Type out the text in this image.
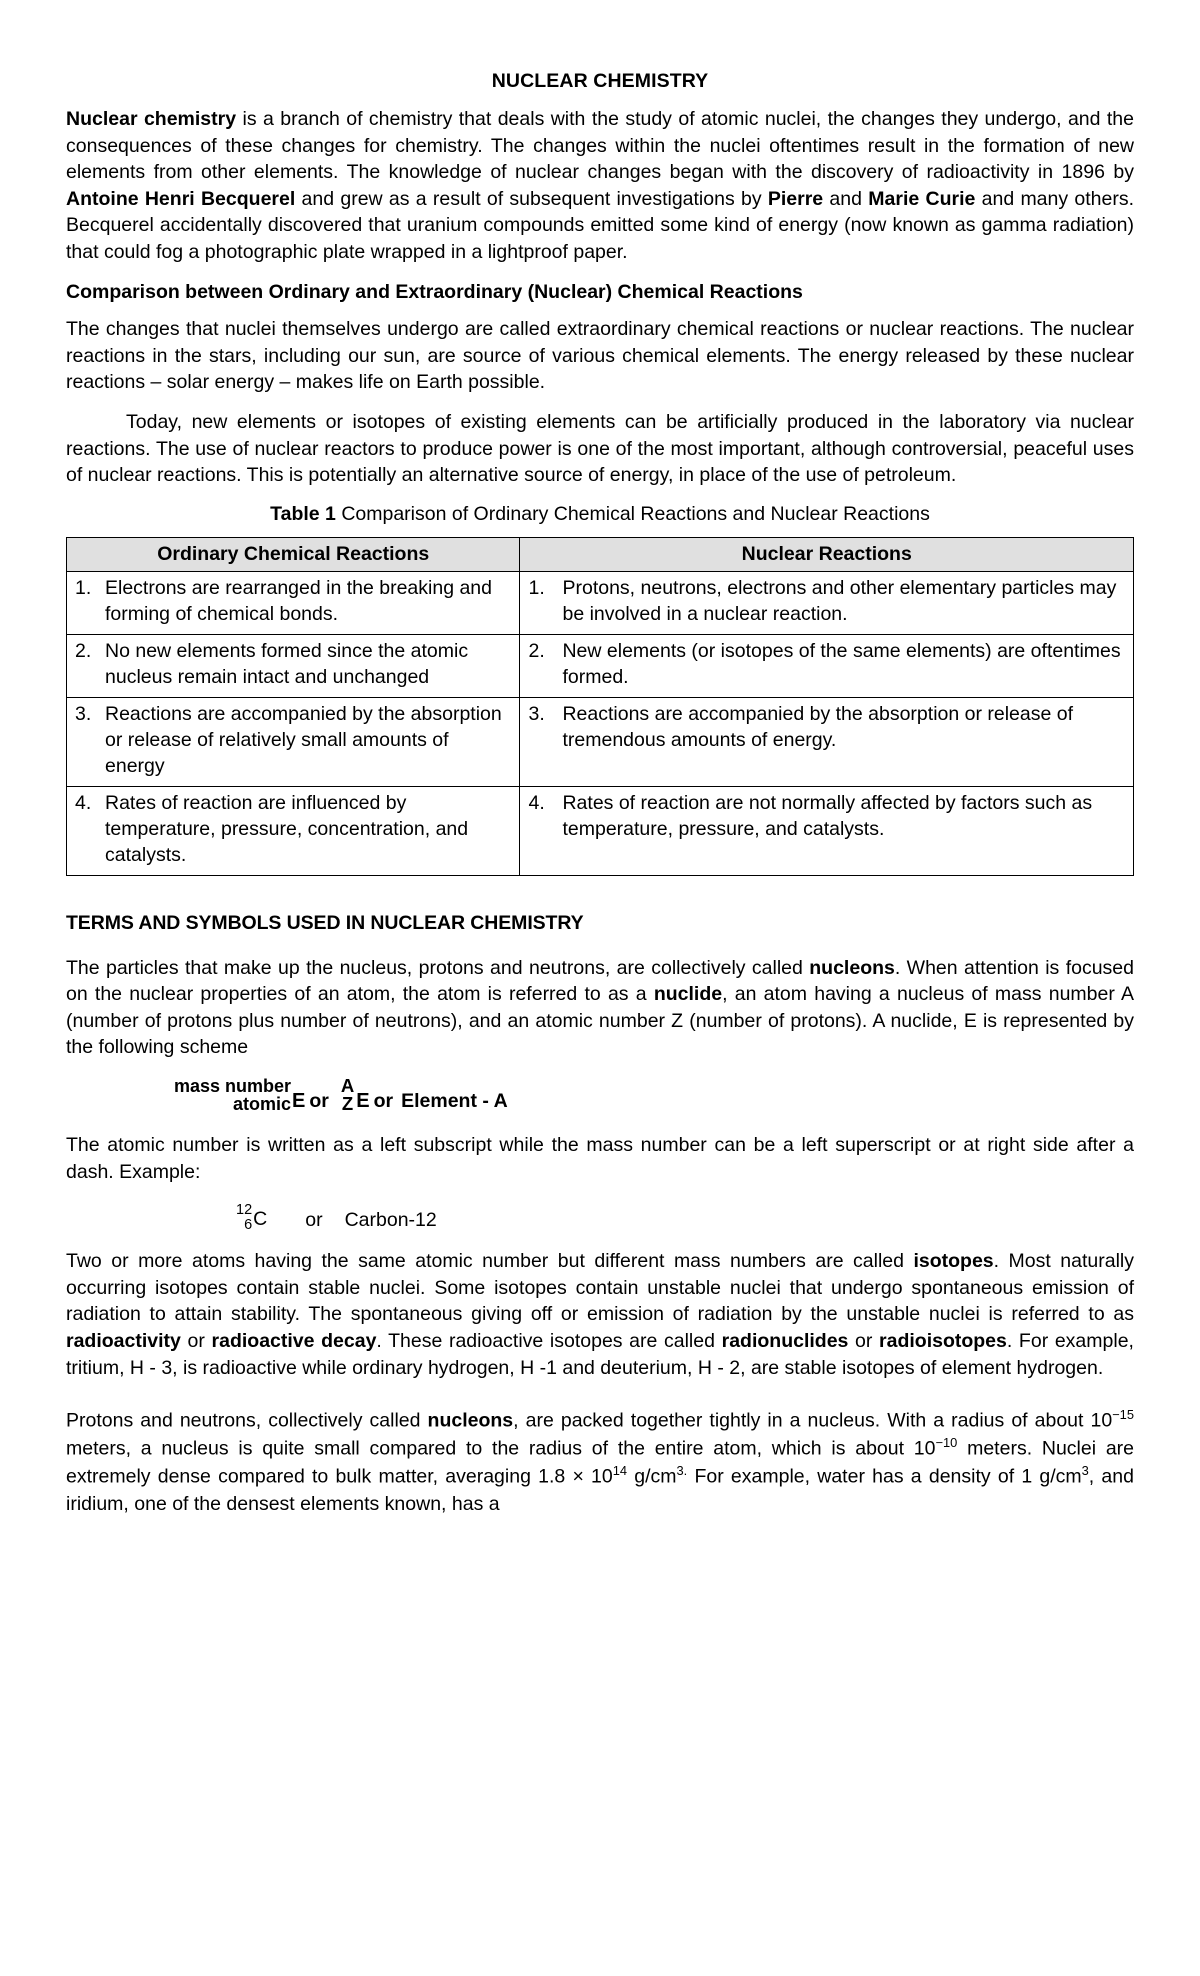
NUCLEAR CHEMISTRY

Nuclear chemistry is a branch of chemistry that deals with the study of atomic nuclei, the changes they undergo, and the consequences of these changes for chemistry. The changes within the nuclei oftentimes result in the formation of new elements from other elements. The knowledge of nuclear changes began with the discovery of radioactivity in 1896 by Antoine Henri Becquerel and grew as a result of subsequent investigations by Pierre and Marie Curie and many others. Becquerel accidentally discovered that uranium compounds emitted some kind of energy (now known as gamma radiation) that could fog a photographic plate wrapped in a lightproof paper.

Comparison between Ordinary and Extraordinary (Nuclear) Chemical Reactions

The changes that nuclei themselves undergo are called extraordinary chemical reactions or nuclear reactions. The nuclear reactions in the stars, including our sun, are source of various chemical elements. The energy released by these nuclear reactions – solar energy – makes life on Earth possible.

Today, new elements or isotopes of existing elements can be artificially produced in the laboratory via nuclear reactions. The use of nuclear reactors to produce power is one of the most important, although controversial, peaceful uses of nuclear reactions. This is potentially an alternative source of energy, in place of the use of petroleum.

Table 1 Comparison of Ordinary Chemical Reactions and Nuclear Reactions
Ordinary Chemical Reactions	Nuclear Reactions

1. Electrons are rearranged in the breaking and forming of chemical bonds.	1. Protons, neutrons, electrons and other elementary particles may be involved in a nuclear reaction.

2. No new elements formed since the atomic nucleus remain intact and unchanged	2. New elements (or isotopes of the same elements) are oftentimes formed.

3. Reactions are accompanied by the absorption or release of relatively small amounts of energy	3. Reactions are accompanied by the absorption or release of tremendous amounts of energy.

4. Rates of reaction are influenced by temperature, pressure, concentration, and catalysts.	4. Rates of reaction are not normally affected by factors such as temperature, pressure, and catalysts.
TERMS AND SYMBOLS USED IN NUCLEAR CHEMISTRY

The particles that make up the nucleus, protons and neutrons, are collectively called nucleons. When attention is focused on the nuclear properties of an atom, the atom is referred to as a nuclide, an atom having a nucleus of mass number A (number of protons plus number of neutrons), and an atomic number Z (number of protons). A nuclide, E is represented by the following scheme

mass number
atomic E or
A
Z E or Element - A

The atomic number is written as a left subscript while the mass number can be a left superscript or at right side after a dash. Example:

12
6 C or Carbon-12

Two or more atoms having the same atomic number but different mass numbers are called isotopes. Most naturally occurring isotopes contain stable nuclei. Some isotopes contain unstable nuclei that undergo spontaneous emission of radiation to attain stability. The spontaneous giving off or emission of radiation by the unstable nuclei is referred to as radioactivity or radioactive decay. These radioactive isotopes are called radionuclides or radioisotopes. For example, tritium, H - 3, is radioactive while ordinary hydrogen, H -1 and deuterium, H - 2, are stable isotopes of element hydrogen.

Protons and neutrons, collectively called nucleons, are packed together tightly in a nucleus. With a radius of about $10^{-15}$ meters, a nucleus is quite small compared to the radius of the entire atom, which is about $10^{-10}$ meters. Nuclei are extremely dense compared to bulk matter, averaging $1.8 \times 10^{14}$ $g/cm^{3.}$ For example, water has a density of 1 $g/cm^3$, and iridium, one of the densest elements known, has a
